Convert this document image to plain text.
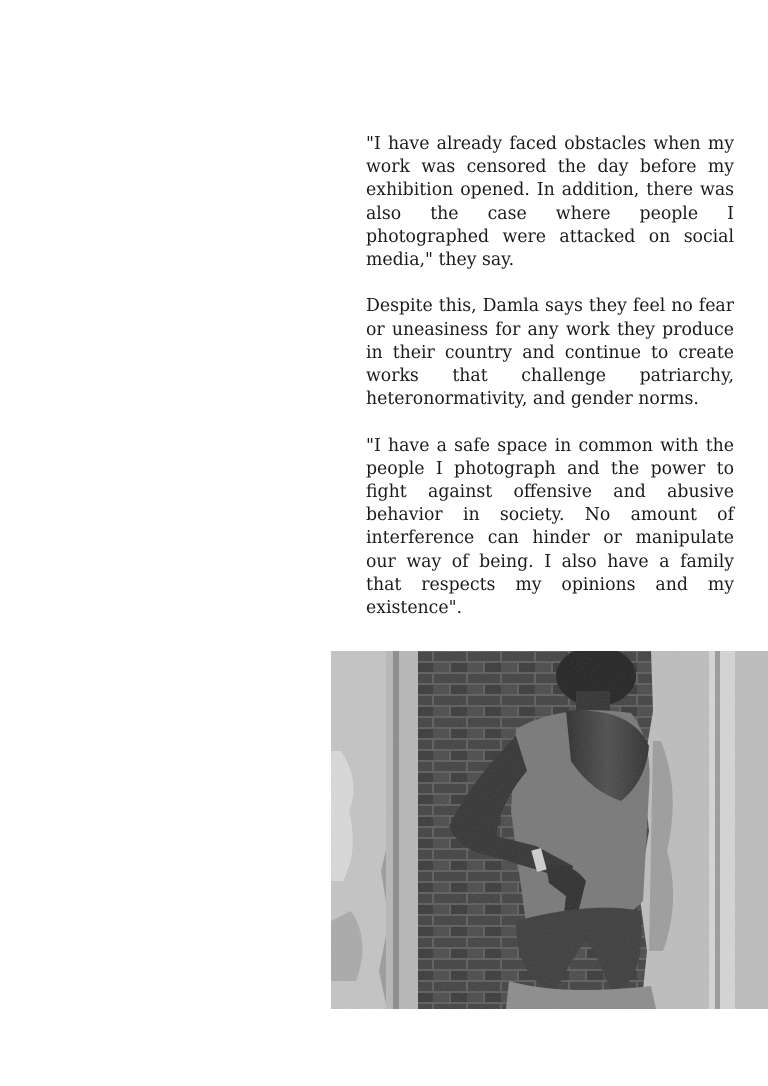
"I have already faced obstacles when my work was censored the day before my exhibition opened. In addition, there was also the case where people I photographed were attacked on social media," they say.

Despite this, Damla says they feel no fear or uneasiness for any work they produce in their country and continue to create works that challenge patriarchy, heteronormativity, and gender norms.

"I have a safe space in common with the people I photograph and the power to fight against offensive and abusive behavior in society. No amount of interference can hinder or manipulate our way of being. I also have a family that respects my opinions and my existence".
